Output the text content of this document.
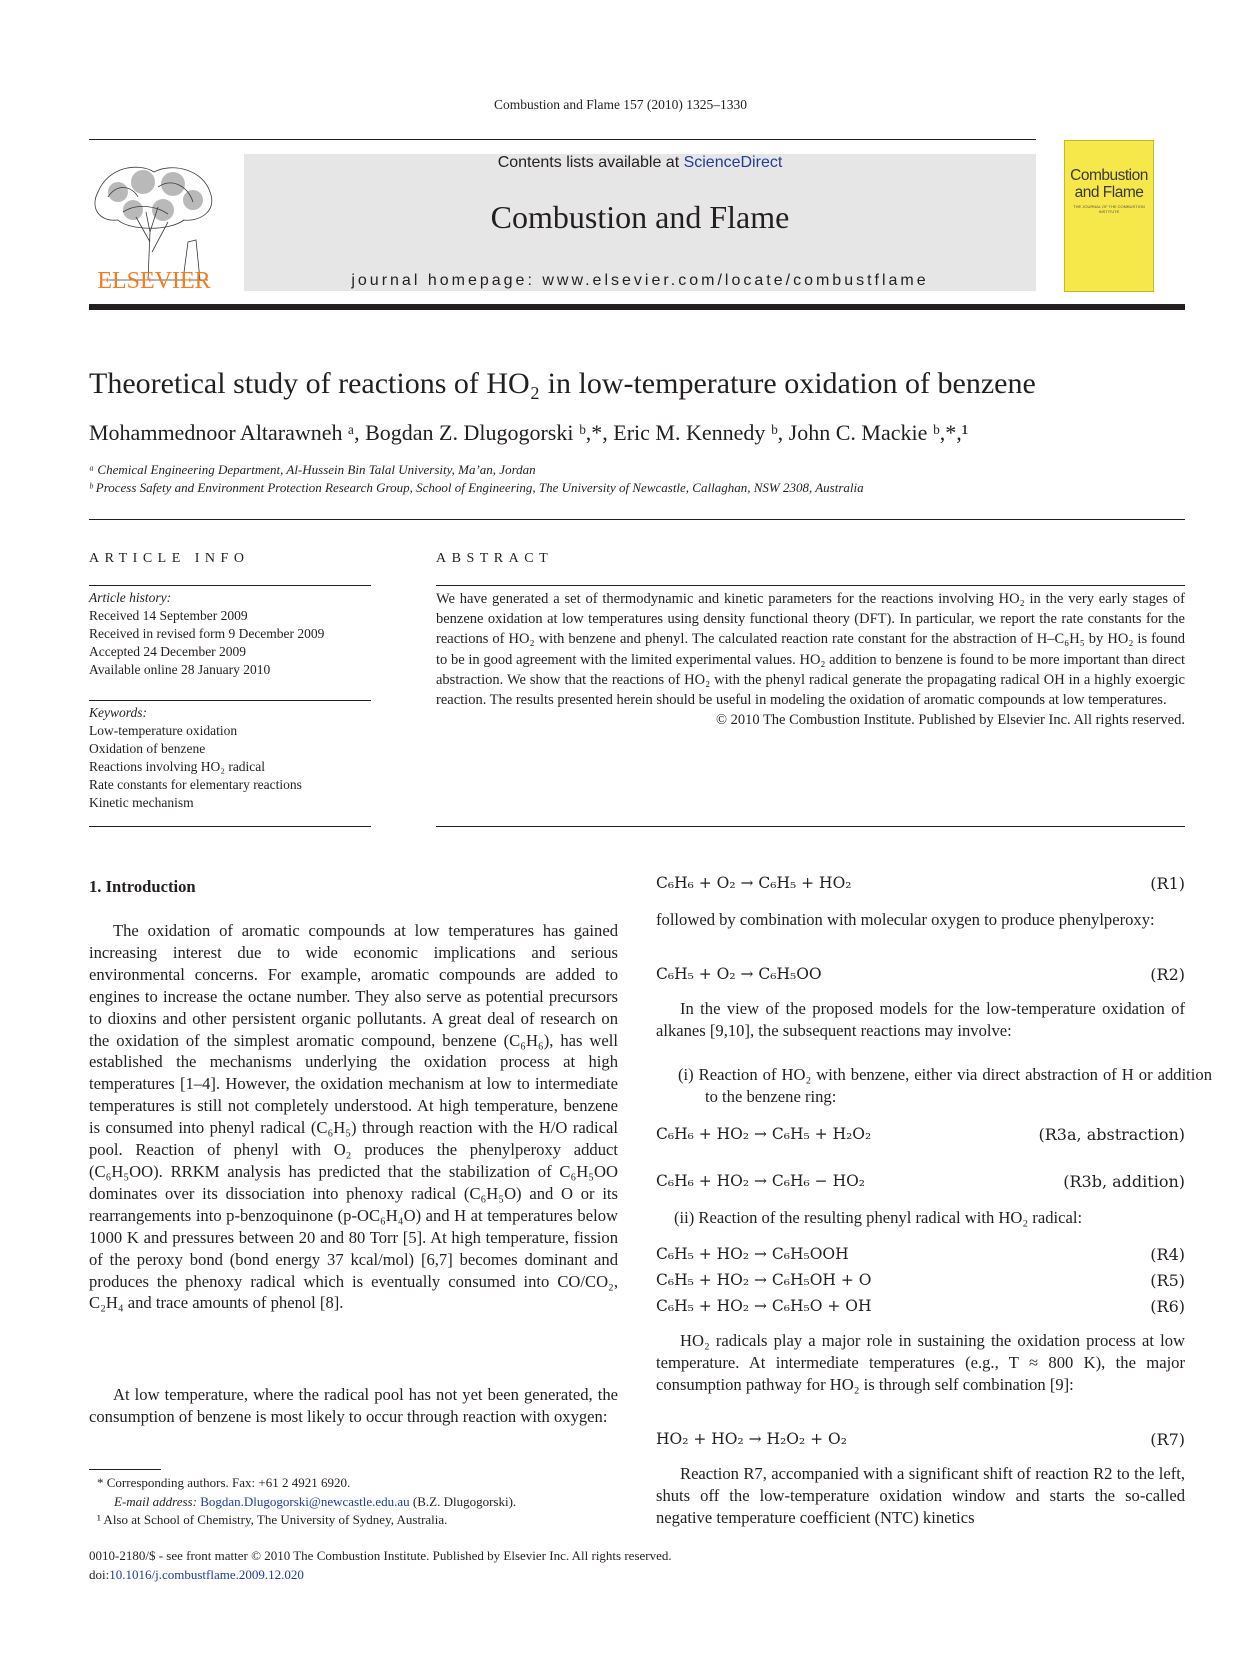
Combustion and Flame 157 (2010) 1325–1330
ELSEVIER
Contents lists available at ScienceDirect
Combustion and Flame
journal homepage: www.elsevier.com/locate/combustflame
Combustion
and Flame
THE JOURNAL OF THE COMBUSTION INSTITUTE
Theoretical study of reactions of HO₂ in low-temperature oxidation of benzene
Mohammednoor Altarawneh ᵃ, Bogdan Z. Dlugogorski ᵇ,*, Eric M. Kennedy ᵇ, John C. Mackie ᵇ,*,¹
ᵃ Chemical Engineering Department, Al-Hussein Bin Talal University, Ma’an, Jordan
ᵇ Process Safety and Environment Protection Research Group, School of Engineering, The University of Newcastle, Callaghan, NSW 2308, Australia
ARTICLE INFO
Article history:
Received 14 September 2009
Received in revised form 9 December 2009
Accepted 24 December 2009
Available online 28 January 2010
Keywords:
Low-temperature oxidation
Oxidation of benzene
Reactions involving HO₂ radical
Rate constants for elementary reactions
Kinetic mechanism
ABSTRACT
We have generated a set of thermodynamic and kinetic parameters for the reactions involving HO₂ in the very early stages of benzene oxidation at low temperatures using density functional theory (DFT). In particular, we report the rate constants for the reactions of HO₂ with benzene and phenyl. The calculated reaction rate constant for the abstraction of H–C₆H₅ by HO₂ is found to be in good agreement with the limited experimental values. HO₂ addition to benzene is found to be more important than direct abstraction. We show that the reactions of HO₂ with the phenyl radical generate the propagating radical OH in a highly exoergic reaction. The results presented herein should be useful in modeling the oxidation of aromatic compounds at low temperatures.
© 2010 The Combustion Institute. Published by Elsevier Inc. All rights reserved.
1. Introduction
The oxidation of aromatic compounds at low temperatures has gained increasing interest due to wide economic implications and serious environmental concerns. For example, aromatic compounds are added to engines to increase the octane number. They also serve as potential precursors to dioxins and other persistent organic pollutants. A great deal of research on the oxidation of the simplest aromatic compound, benzene (C₆H₆), has well established the mechanisms underlying the oxidation process at high temperatures [1–4]. However, the oxidation mechanism at low to intermediate temperatures is still not completely understood. At high temperature, benzene is consumed into phenyl radical (C₆H₅) through reaction with the H/O radical pool. Reaction of phenyl with O₂ produces the phenylperoxy adduct (C₆H₅OO). RRKM analysis has predicted that the stabilization of C₆H₅OO dominates over its dissociation into phenoxy radical (C₆H₅O) and O or its rearrangements into p-benzoquinone (p-OC₆H₄O) and H at temperatures below 1000 K and pressures between 20 and 80 Torr [5]. At high temperature, fission of the peroxy bond (bond energy 37 kcal/mol) [6,7] becomes dominant and produces the phenoxy radical which is eventually consumed into CO/CO₂, C₂H₄ and trace amounts of phenol [8].
At low temperature, where the radical pool has not yet been generated, the consumption of benzene is most likely to occur through reaction with oxygen:
C₆H₆ + O₂ → C₆H₅ + HO₂	(R1)
followed by combination with molecular oxygen to produce phenylperoxy:
C₆H₅ + O₂ → C₆H₅OO	(R2)
In the view of the proposed models for the low-temperature oxidation of alkanes [9,10], the subsequent reactions may involve:
(i) Reaction of HO₂ with benzene, either via direct abstraction of H or addition to the benzene ring:
C₆H₆ + HO₂ → C₆H₅ + H₂O₂	(R3a, abstraction)
C₆H₆ + HO₂ → C₆H₆ − HO₂	(R3b, addition)
(ii) Reaction of the resulting phenyl radical with HO₂ radical:
C₆H₅ + HO₂ → C₆H₅OOH	(R4)
C₆H₅ + HO₂ → C₆H₅OH + O	(R5)
C₆H₅ + HO₂ → C₆H₅O + OH	(R6)
HO₂ radicals play a major role in sustaining the oxidation process at low temperature. At intermediate temperatures (e.g., T ≈ 800 K), the major consumption pathway for HO₂ is through self combination [9]:
HO₂ + HO₂ → H₂O₂ + O₂	(R7)
Reaction R7, accompanied with a significant shift of reaction R2 to the left, shuts off the low-temperature oxidation window and starts the so-called negative temperature coefficient (NTC) kinetics
* Corresponding authors. Fax: +61 2 4921 6920.
E-mail address: Bogdan.Dlugogorski@newcastle.edu.au (B.Z. Dlugogorski).
¹ Also at School of Chemistry, The University of Sydney, Australia.
0010-2180/$ - see front matter © 2010 The Combustion Institute. Published by Elsevier Inc. All rights reserved.
doi:10.1016/j.combustflame.2009.12.020
